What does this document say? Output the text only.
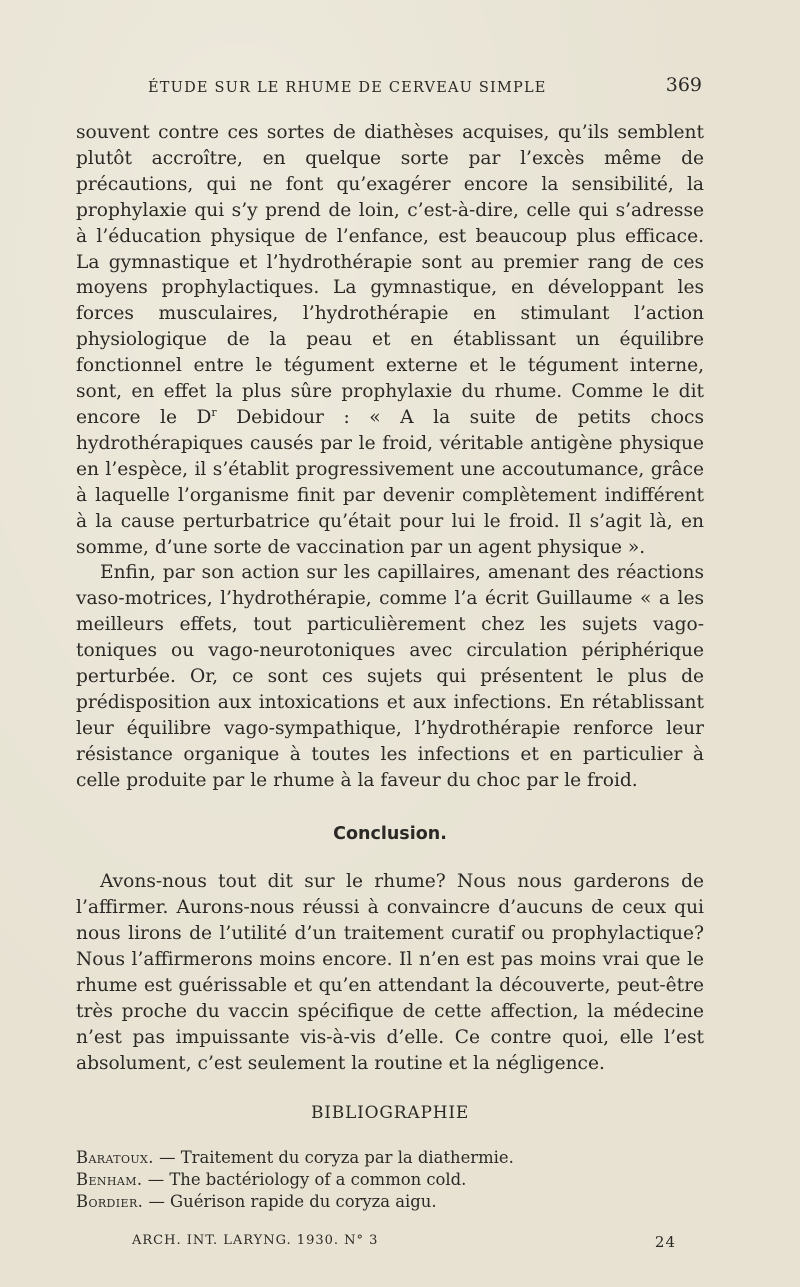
ÉTUDE SUR LE RHUME DE CERVEAU SIMPLE	369

souvent contre ces sortes de diathèses acquises, qu’ils semblent plutôt accroître, en quelque sorte par l’excès même de précautions, qui ne font qu’exagérer encore la sensibilité, la prophylaxie qui s’y prend de loin, c’est-à-dire, celle qui s’adresse à l’éducation physique de l’enfance, est beaucoup plus efficace. La gymnastique et l’hydrothérapie sont au premier rang de ces moyens prophylactiques. La gymnastique, en développant les forces musculaires, l’hydrothérapie en stimulant l’action physiologique de la peau et en établissant un équilibre fonctionnel entre le tégument externe et le tégument interne, sont, en effet la plus sûre prophylaxie du rhume. Comme le dit encore le $D^r$ Debidour : « A la suite de petits chocs hydrothérapiques causés par le froid, véritable antigène physique en l’espèce, il s’établit progressivement une accoutumance, grâce à laquelle l’organisme finit par devenir complètement indifférent à la cause perturbatrice qu’était pour lui le froid. Il s’agit là, en somme, d’une sorte de vaccination par un agent physique ».

Enfin, par son action sur les capillaires, amenant des réactions vaso-motrices, l’hydrothérapie, comme l’a écrit Guillaume « a les meilleurs effets, tout particulièrement chez les sujets vago-toniques ou vago-neurotoniques avec circulation périphérique perturbée. Or, ce sont ces sujets qui présentent le plus de prédisposition aux intoxications et aux infections. En rétablissant leur équilibre vago-sympathique, l’hydrothérapie renforce leur résistance organique à toutes les infections et en particulier à celle produite par le rhume à la faveur du choc par le froid.

Conclusion.

Avons-nous tout dit sur le rhume? Nous nous garderons de l’affirmer. Aurons-nous réussi à convaincre d’aucuns de ceux qui nous lirons de l’utilité d’un traitement curatif ou prophylactique? Nous l’affirmerons moins encore. Il n’en est pas moins vrai que le rhume est guérissable et qu’en attendant la découverte, peut-être très proche du vaccin spécifique de cette affection, la médecine n’est pas impuissante vis-à-vis d’elle. Ce contre quoi, elle l’est absolument, c’est seulement la routine et la négligence.

BIBLIOGRAPHIE
Baratoux. — Traitement du coryza par la diathermie.
Benham. — The bactériology of a common cold.
Bordier. — Guérison rapide du coryza aigu.
ARCH. INT. LARYNG. 1930. N° 3	24
